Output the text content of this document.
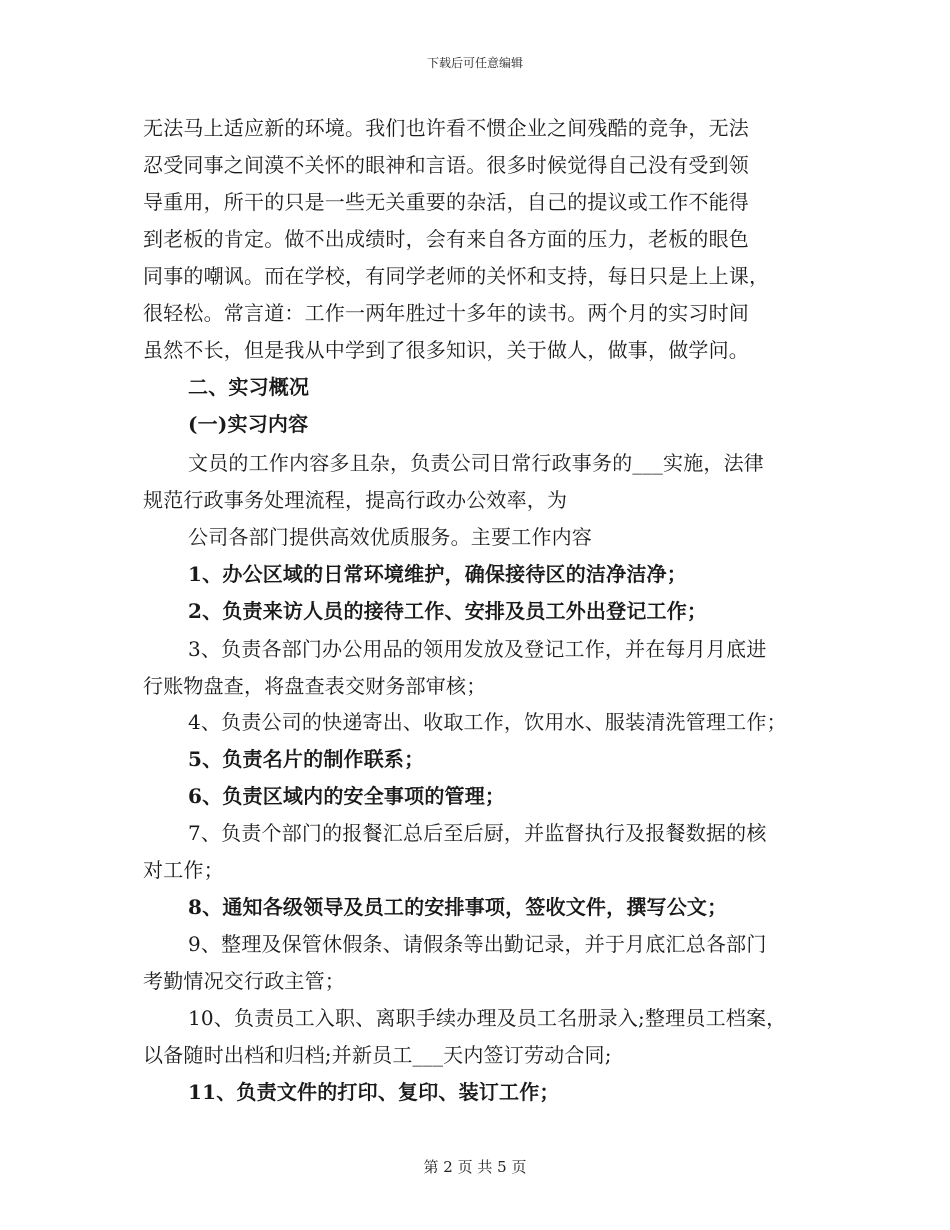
下载后可任意编辑
无法马上适应新的环境。我们也许看不惯企业之间残酷的竞争，无法
忍受同事之间漠不关怀的眼神和言语。很多时候觉得自己没有受到领
导重用，所干的只是一些无关重要的杂活，自己的提议或工作不能得
到老板的肯定。做不出成绩时，会有来自各方面的压力，老板的眼色
同事的嘲讽。而在学校，有同学老师的关怀和支持，每日只是上上课，
很轻松。常言道：工作一两年胜过十多年的读书。两个月的实习时间
虽然不长，但是我从中学到了很多知识，关于做人，做事，做学问。
二、实习概况
(一)实习内容
文员的工作内容多且杂，负责公司日常行政事务的___实施，法律
规范行政事务处理流程，提高行政办公效率，为
公司各部门提供高效优质服务。主要工作内容
1、办公区域的日常环境维护，确保接待区的洁净洁净；
2、负责来访人员的接待工作、安排及员工外出登记工作；
3、负责各部门办公用品的领用发放及登记工作，并在每月月底进
行账物盘查，将盘查表交财务部审核；
4、负责公司的快递寄出、收取工作，饮用水、服装清洗管理工作；
5、负责名片的制作联系；
6、负责区域内的安全事项的管理；
7、负责个部门的报餐汇总后至后厨，并监督执行及报餐数据的核
对工作；
8、通知各级领导及员工的安排事项，签收文件，撰写公文；
9、整理及保管休假条、请假条等出勤记录，并于月底汇总各部门
考勤情况交行政主管；
10、负责员工入职、离职手续办理及员工名册录入;整理员工档案，
以备随时出档和归档;并新员工___天内签订劳动合同;
11、负责文件的打印、复印、装订工作；
第 2 页 共 5 页
